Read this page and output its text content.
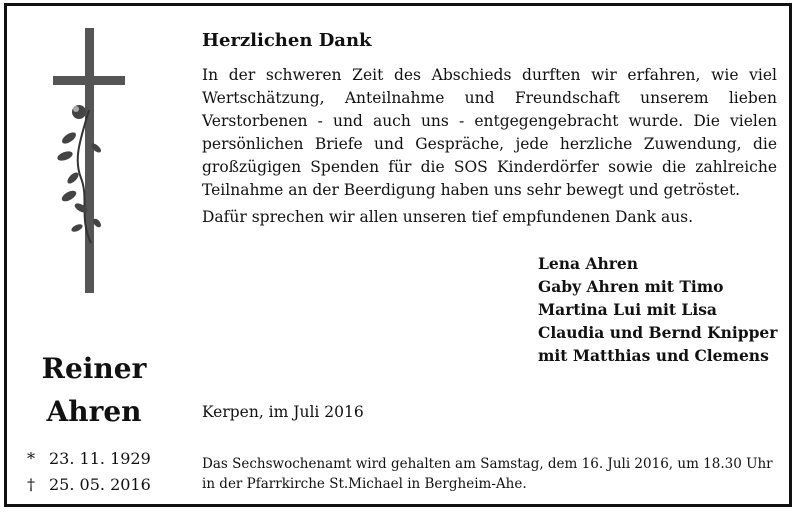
Reiner
Ahren
* 23. 11. 1929
† 25. 05. 2016
Herzlichen Dank
In der schweren Zeit des Abschieds durften wir erfahren, wie viel Wertschätzung, Anteilnahme und Freundschaft unserem lieben Verstorbenen - und auch uns - entgegengebracht wurde. Die vielen persönlichen Briefe und Gespräche, jede herzliche Zuwendung, die großzügigen Spenden für die SOS Kinderdörfer sowie die zahlreiche Teilnahme an der Beerdigung haben uns sehr bewegt und getröstet.
Dafür sprechen wir allen unseren tief empfundenen Dank aus.
Lena Ahren
Gaby Ahren mit Timo
Martina Lui mit Lisa
Claudia und Bernd Knipper
mit Matthias und Clemens
Kerpen, im Juli 2016
Das Sechswochenamt wird gehalten am Samstag, dem 16. Juli 2016, um 18.30 Uhr
in der Pfarrkirche St.Michael in Bergheim-Ahe.
